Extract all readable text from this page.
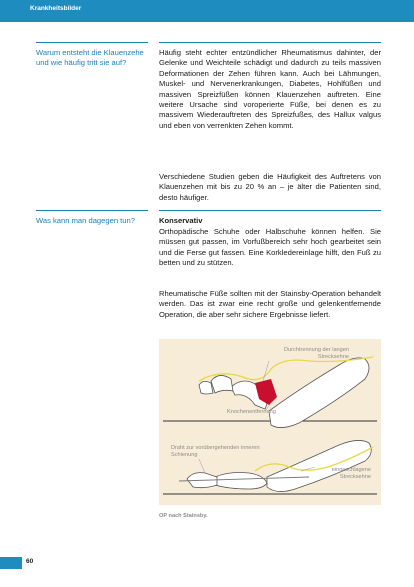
Krankheitsbilder
Warum entsteht die Klauenzehe und wie häufig tritt sie auf?
Häufig steht echter entzündlicher Rheumatismus dahinter, der Gelenke und Weichteile schädigt und dadurch zu teils massiven Deformationen der Zehen führen kann. Auch bei Lähmungen, Muskel- und Nervenerkrankungen, Diabetes, Hohlfüßen und massiven Spreizfüßen können Klauenzehen auftreten. Eine weitere Ursache sind voroperierte Füße, bei denen es zu massivem Wiederauftreten des Spreizfußes, des Hallux valgus und eben von verrenkten Zehen kommt.
Verschiedene Studien geben die Häufigkeit des Auftretens von Klauenzehen mit bis zu 20 % an – je älter die Patienten sind, desto häufiger.
Was kann man dagegen tun?	Konservativ
Orthopädische Schuhe oder Halbschuhe können helfen. Sie müssen gut passen, im Vorfußbereich sehr hoch gearbeitet sein und die Ferse gut fassen. Eine Korkledereinlage hilft, den Fuß zu betten und zu stützen.
Rheumatische Füße sollten mit der Stainsby-Operation behandelt werden. Das ist zwar eine recht große und gelenkentfernende Operation, die aber sehr sichere Ergebnisse liefert.
Durchtrennung der langen Strecksehne
Knochenentfernung
Draht zur vorübergehenden inneren Schienung
eingeschlagene Strecksehne
OP nach Stainsby.
60
